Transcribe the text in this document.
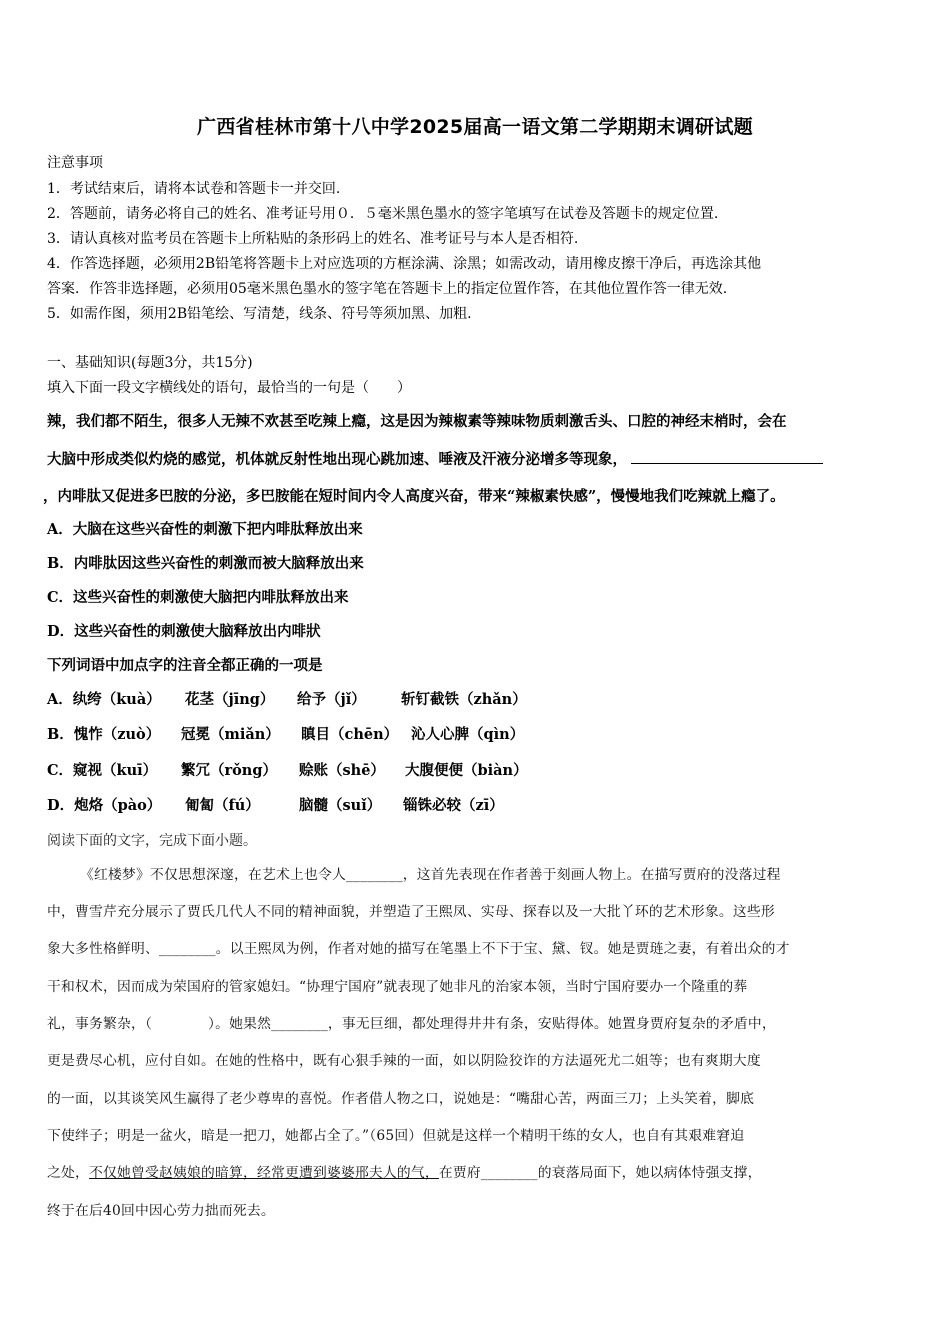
广西省桂林市第十八中学2025届高一语文第二学期期末调研试题
注意事项
1．考试结束后，请将本试卷和答题卡一并交回.
2．答题前，请务必将自己的姓名、准考证号用０．５毫米黑色墨水的签字笔填写在试卷及答题卡的规定位置.
3．请认真核对监考员在答题卡上所粘贴的条形码上的姓名、准考证号与本人是否相符.
4．作答选择题，必须用2B铅笔将答题卡上对应选项的方框涂满、涂黑；如需改动，请用橡皮擦干净后，再选涂其他
答案．作答非选择题，必须用05毫米黑色墨水的签字笔在答题卡上的指定位置作答，在其他位置作答一律无效.
5．如需作图，须用2B铅笔绘、写清楚，线条、符号等须加黑、加粗.
一、基础知识(每题3分，共15分)
填入下面一段文字横线处的语句，最恰当的一句是（　　）
辣，我们都不陌生，很多人无辣不欢甚至吃辣上瘾，这是因为辣椒素等辣味物质刺激舌头、口腔的神经末梢时，会在
大脑中形成类似灼烧的感觉，机体就反射性地出现心跳加速、唾液及汗液分泌增多等现象，
，内啡肽又促进多巴胺的分泌，多巴胺能在短时间内令人高度兴奋，带来“辣椒素快感”，慢慢地我们吃辣就上瘾了。
A．大脑在这些兴奋性的刺激下把内啡肽释放出来
B．内啡肽因这些兴奋性的刺激而被大脑释放出来
C．这些兴奋性的刺激使大脑把内啡肽释放出来
D．这些兴奋性的刺激使大脑释放出内啡狀
下列词语中加点字的注音全都正确的一项是
A．纨绔（kuà） 花茎（jīng） 给予（jǐ） 斩钉截铁（zhǎn）
B．愧怍（zuò） 冠冕（miǎn） 瞋目（chēn） 沁人心脾（qìn）
C．窥视（kuī） 繁冗（rǒng） 赊账（shē） 大腹便便（biàn）
D．炮烙（pào） 匍匐（fú）	脑髓（suǐ） 锱铢必较（zī）
阅读下面的文字，完成下面小题。
《红楼梦》不仅思想深邃，在艺术上也令人________，这首先表现在作者善于刻画人物上。在描写贾府的没落过程
中，曹雪芹充分展示了贾氏几代人不同的精神面貌，并塑造了王熙凤、实母、探春以及一大批丫环的艺术形象。这些形
象大多性格鲜明、________。以王熙凤为例，作者对她的描写在笔墨上不下于宝、黛、钗。她是贾琏之妻，有着出众的才
干和权术，因而成为荣国府的管家媳妇。“协理宁国府”就表现了她非凡的治家本领，当时宁国府要办一个隆重的葬
礼，事务繁杂，（　　　　）。她果然________，事无巨细，都处理得井井有条，安贴得体。她置身贾府复杂的矛盾中，
更是费尽心机，应付自如。在她的性格中，既有心狠手辣的一面，如以阴险狡诈的方法逼死尤二姐等；也有爽期大度
的一面，以其谈笑风生赢得了老少尊卑的喜悦。作者借人物之口，说她是：“嘴甜心苦，两面三刀；上头笑着，脚底
下使绊子；明是一盆火，暗是一把刀，她都占全了。”（65回）但就是这样一个精明干练的女人，也自有其艰难窘迫
之处，不仅她曾受赵姨娘的暗算，经常更遭到婆婆邢夫人的气，在贾府________的衰落局面下，她以病体恃强支撑，
终于在后40回中因心劳力拙而死去。
